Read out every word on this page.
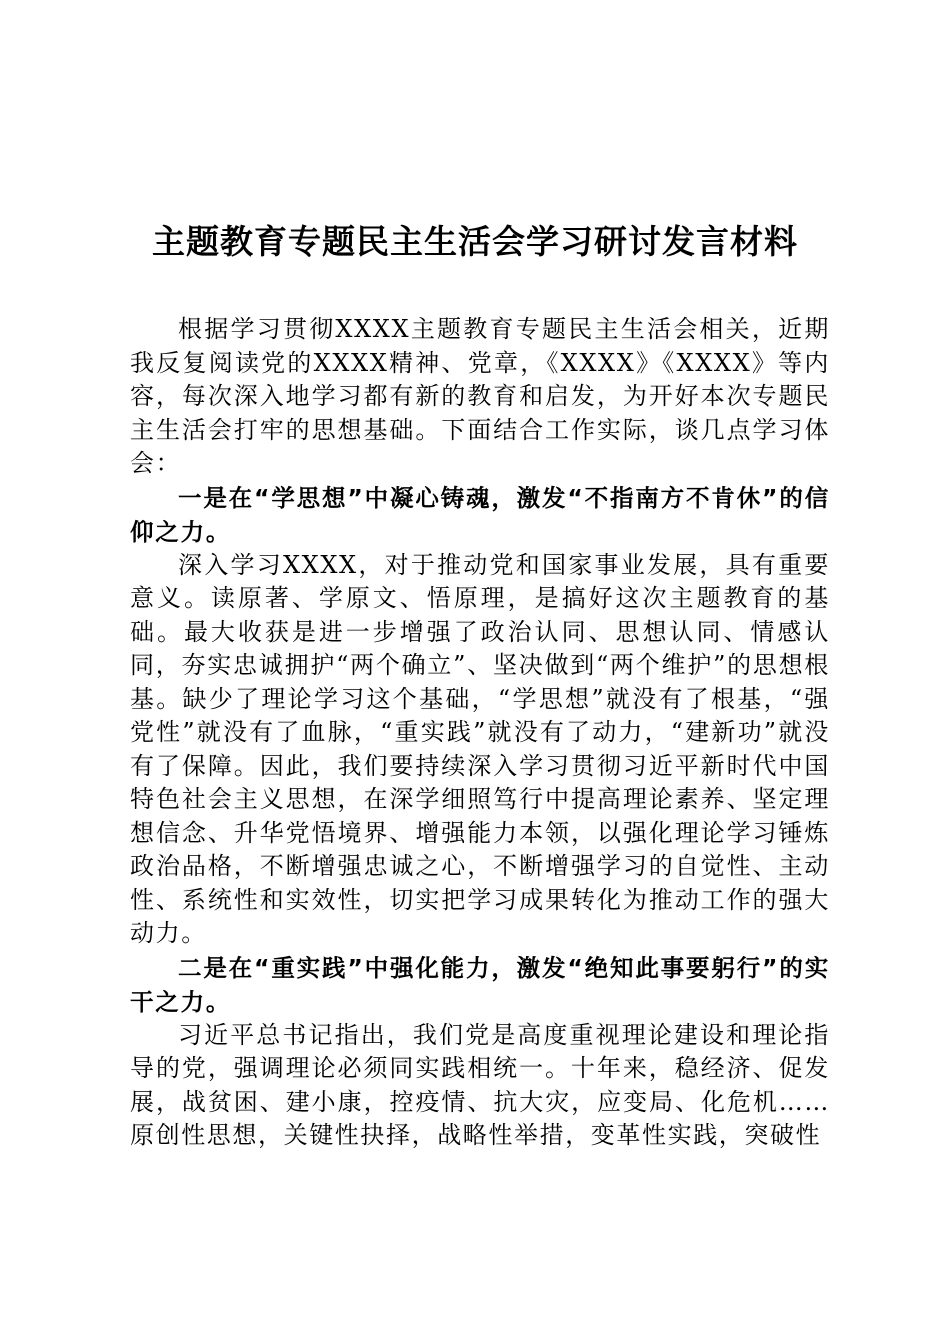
主题教育专题民主生活会学习研讨发言材料

根据学习贯彻XXXX主题教育专题民主生活会相关，近期我反复阅读党的XXXX精神、党章，《XXXX》《XXXX》等内容，每次深入地学习都有新的教育和启发，为开好本次专题民主生活会打牢的思想基础。下面结合工作实际，谈几点学习体会：

一是在“学思想”中凝心铸魂，激发“不指南方不肯休”的信仰之力。

深入学习XXXX，对于推动党和国家事业发展，具有重要意义。读原著、学原文、悟原理，是搞好这次主题教育的基础。最大收获是进一步增强了政治认同、思想认同、情感认同，夯实忠诚拥护“两个确立”、坚决做到“两个维护”的思想根基。缺少了理论学习这个基础，“学思想”就没有了根基，“强党性”就没有了血脉，“重实践”就没有了动力，“建新功”就没有了保障。因此，我们要持续深入学习贯彻习近平新时代中国特色社会主义思想，在深学细照笃行中提高理论素养、坚定理想信念、升华党悟境界、增强能力本领，以强化理论学习锤炼政治品格，不断增强忠诚之心，不断增强学习的自觉性、主动性、系统性和实效性，切实把学习成果转化为推动工作的强大动力。

二是在“重实践”中强化能力，激发“绝知此事要躬行”的实干之力。

习近平总书记指出，我们党是高度重视理论建设和理论指导的党，强调理论必须同实践相统一。十年来，稳经济、促发展，战贫困、建小康，控疫情、抗大灾，应变局、化危机……原创性思想，关键性抉择，战略性举措，变革性实践，突破性
